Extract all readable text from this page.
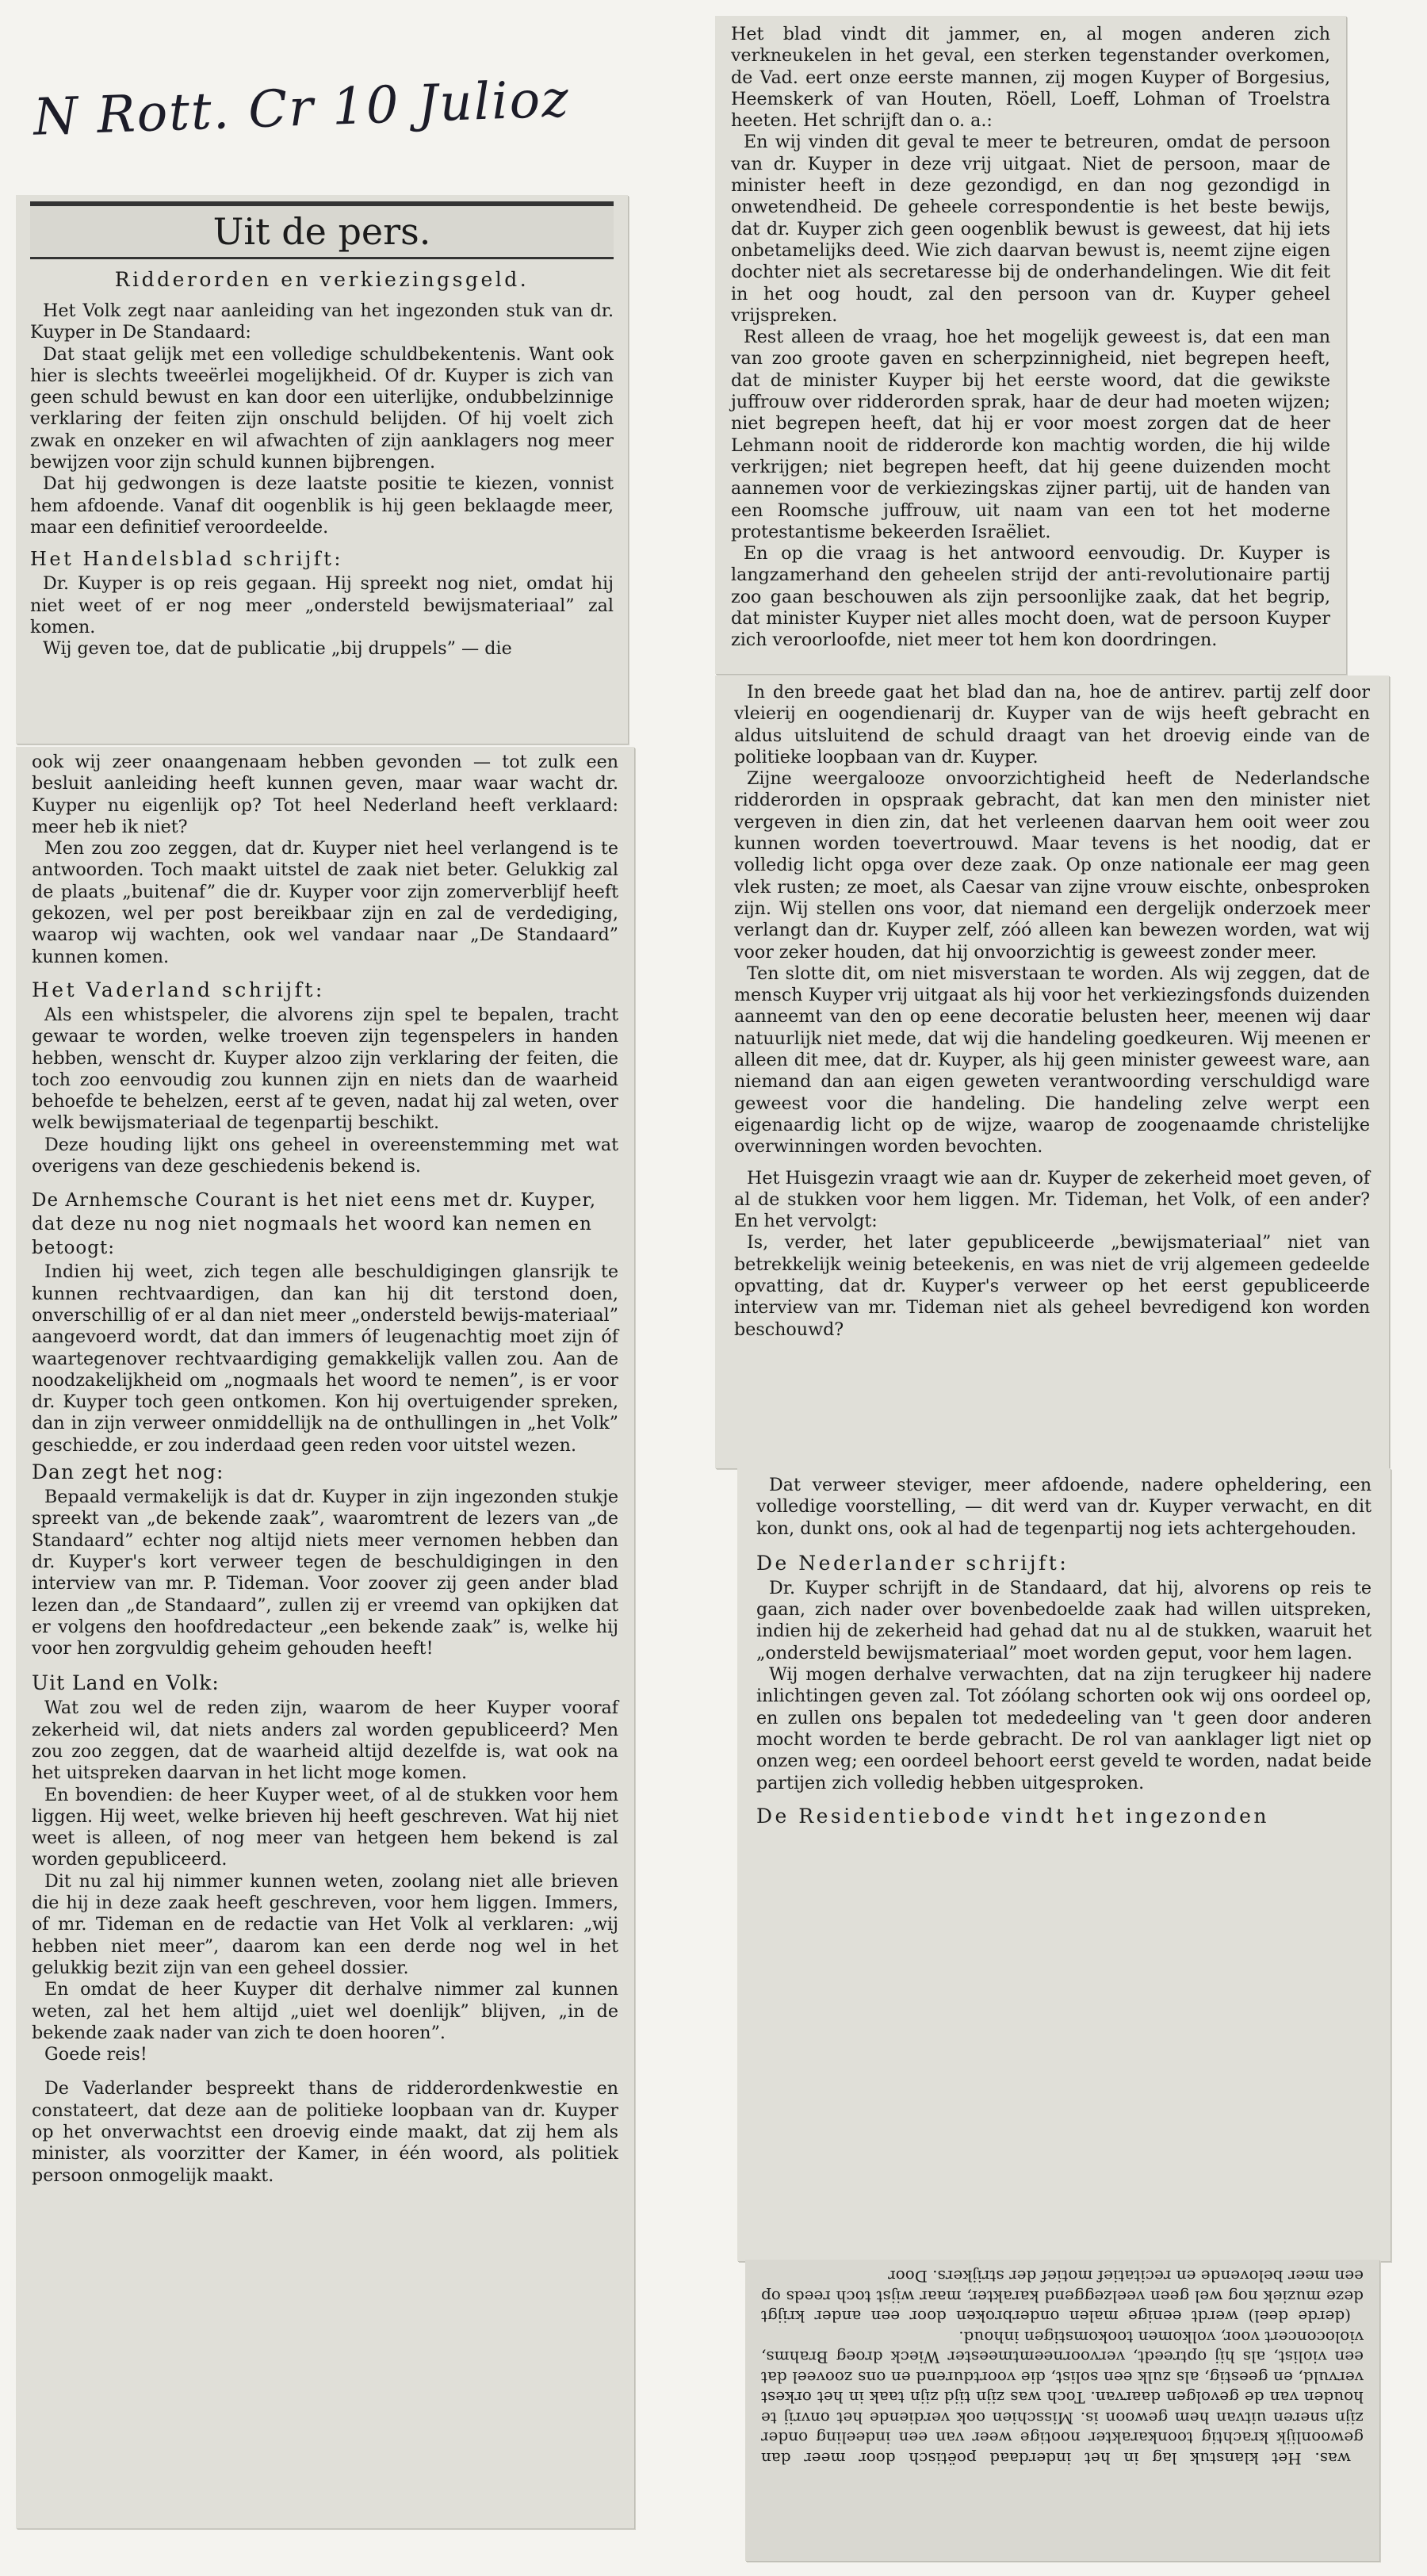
N Rott. Cr 10 Julioz
Uit de pers.
Ridderorden en verkiezingsgeld.

Het Volk zegt naar aanleiding van het ingezonden stuk van dr. Kuyper in De Standaard:

Dat staat gelijk met een volledige schuldbekentenis. Want ook hier is slechts tweeërlei mogelijkheid. Of dr. Kuyper is zich van geen schuld bewust en kan door een uiterlijke, ondubbelzinnige verklaring der feiten zijn onschuld belijden. Of hij voelt zich zwak en onzeker en wil afwachten of zijn aanklagers nog meer bewijzen voor zijn schuld kunnen bijbrengen.

Dat hij gedwongen is deze laatste positie te kiezen, vonnist hem afdoende. Vanaf dit oogenblik is hij geen beklaagde meer, maar een definitief veroordeelde.

Het Handelsblad schrijft:

Dr. Kuyper is op reis gegaan. Hij spreekt nog niet, omdat hij niet weet of er nog meer „ondersteld bewijsmateriaal” zal komen.

Wij geven toe, dat de publicatie „bij druppels” — die

ook wij zeer onaangenaam hebben gevonden — tot zulk een besluit aanleiding heeft kunnen geven, maar waar wacht dr. Kuyper nu eigenlijk op? Tot heel Nederland heeft verklaard: meer heb ik niet?

Men zou zoo zeggen, dat dr. Kuyper niet heel verlangend is te antwoorden. Toch maakt uitstel de zaak niet beter. Gelukkig zal de plaats „buitenaf” die dr. Kuyper voor zijn zomerverblijf heeft gekozen, wel per post bereikbaar zijn en zal de verdediging, waarop wij wachten, ook wel vandaar naar „De Standaard” kunnen komen.

Het Vaderland schrijft:

Als een whistspeler, die alvorens zijn spel te bepalen, tracht gewaar te worden, welke troeven zijn tegenspelers in handen hebben, wenscht dr. Kuyper alzoo zijn verklaring der feiten, die toch zoo eenvoudig zou kunnen zijn en niets dan de waarheid behoefde te behelzen, eerst af te geven, nadat hij zal weten, over welk bewijsmateriaal de tegenpartij beschikt.

Deze houding lijkt ons geheel in overeenstemming met wat overigens van deze geschiedenis bekend is.

De Arnhemsche Courant is het niet eens met dr. Kuyper, dat deze nu nog niet nogmaals het woord kan nemen en betoogt:

Indien hij weet, zich tegen alle beschuldigingen glansrijk te kunnen rechtvaardigen, dan kan hij dit terstond doen, onverschillig of er al dan niet meer „ondersteld bewijs-materiaal” aangevoerd wordt, dat dan immers óf leugenachtig moet zijn óf waartegenover rechtvaardiging gemakkelijk vallen zou. Aan de noodzakelijkheid om „nogmaals het woord te nemen”, is er voor dr. Kuyper toch geen ontkomen. Kon hij overtuigender spreken, dan in zijn verweer onmiddellijk na de onthullingen in „het Volk” geschiedde, er zou inderdaad geen reden voor uitstel wezen.

Dan zegt het nog:

Bepaald vermakelijk is dat dr. Kuyper in zijn ingezonden stukje spreekt van „de bekende zaak”, waaromtrent de lezers van „de Standaard” echter nog altijd niets meer vernomen hebben dan dr. Kuyper's kort verweer tegen de beschuldigingen in den interview van mr. P. Tideman. Voor zoover zij geen ander blad lezen dan „de Standaard”, zullen zij er vreemd van opkijken dat er volgens den hoofdredacteur „een bekende zaak” is, welke hij voor hen zorgvuldig geheim gehouden heeft!

Uit Land en Volk:

Wat zou wel de reden zijn, waarom de heer Kuyper vooraf zekerheid wil, dat niets anders zal worden gepubliceerd? Men zou zoo zeggen, dat de waarheid altijd dezelfde is, wat ook na het uitspreken daarvan in het licht moge komen.

En bovendien: de heer Kuyper weet, of al de stukken voor hem liggen. Hij weet, welke brieven hij heeft geschreven. Wat hij niet weet is alleen, of nog meer van hetgeen hem bekend is zal worden gepubliceerd.

Dit nu zal hij nimmer kunnen weten, zoolang niet alle brieven die hij in deze zaak heeft geschreven, voor hem liggen. Immers, of mr. Tideman en de redactie van Het Volk al verklaren: „wij hebben niet meer”, daarom kan een derde nog wel in het gelukkig bezit zijn van een geheel dossier.

En omdat de heer Kuyper dit derhalve nimmer zal kunnen weten, zal het hem altijd „uiet wel doenlijk” blijven, „in de bekende zaak nader van zich te doen hooren”.

Goede reis!

De Vaderlander bespreekt thans de ridderordenkwestie en constateert, dat deze aan de politieke loopbaan van dr. Kuyper op het onverwachtst een droevig einde maakt, dat zij hem als minister, als voorzitter der Kamer, in één woord, als politiek persoon onmogelijk maakt.

Het blad vindt dit jammer, en, al mogen anderen zich verkneukelen in het geval, een sterken tegenstander overkomen, de Vad. eert onze eerste mannen, zij mogen Kuyper of Borgesius, Heemskerk of van Houten, Röell, Loeff, Lohman of Troelstra heeten. Het schrijft dan o. a.:

En wij vinden dit geval te meer te betreuren, omdat de persoon van dr. Kuyper in deze vrij uitgaat. Niet de persoon, maar de minister heeft in deze gezondigd, en dan nog gezondigd in onwetendheid. De geheele correspondentie is het beste bewijs, dat dr. Kuyper zich geen oogenblik bewust is geweest, dat hij iets onbetamelijks deed. Wie zich daarvan bewust is, neemt zijne eigen dochter niet als secretaresse bij de onderhandelingen. Wie dit feit in het oog houdt, zal den persoon van dr. Kuyper geheel vrijspreken.

Rest alleen de vraag, hoe het mogelijk geweest is, dat een man van zoo groote gaven en scherpzinnigheid, niet begrepen heeft, dat de minister Kuyper bij het eerste woord, dat die gewikste juffrouw over ridderorden sprak, haar de deur had moeten wijzen; niet begrepen heeft, dat hij er voor moest zorgen dat de heer Lehmann nooit de ridderorde kon machtig worden, die hij wilde verkrijgen; niet begrepen heeft, dat hij geene duizenden mocht aannemen voor de verkiezingskas zijner partij, uit de handen van een Roomsche juffrouw, uit naam van een tot het moderne protestantisme bekeerden Israëliet.

En op die vraag is het antwoord eenvoudig. Dr. Kuyper is langzamerhand den geheelen strijd der anti-revolutionaire partij zoo gaan beschouwen als zijn persoonlijke zaak, dat het begrip, dat minister Kuyper niet alles mocht doen, wat de persoon Kuyper zich veroorloofde, niet meer tot hem kon doordringen.

In den breede gaat het blad dan na, hoe de antirev. partij zelf door vleierij en oogendienarij dr. Kuyper van de wijs heeft gebracht en aldus uitsluitend de schuld draagt van het droevig einde van de politieke loopbaan van dr. Kuyper.

Zijne weergalooze onvoorzichtigheid heeft de Nederlandsche ridderorden in opspraak gebracht, dat kan men den minister niet vergeven in dien zin, dat het verleenen daarvan hem ooit weer zou kunnen worden toevertrouwd. Maar tevens is het noodig, dat er volledig licht opga over deze zaak. Op onze nationale eer mag geen vlek rusten; ze moet, als Caesar van zijne vrouw eischte, onbesproken zijn. Wij stellen ons voor, dat niemand een dergelijk onderzoek meer verlangt dan dr. Kuyper zelf, zóó alleen kan bewezen worden, wat wij voor zeker houden, dat hij onvoorzichtig is geweest zonder meer.

Ten slotte dit, om niet misverstaan te worden. Als wij zeggen, dat de mensch Kuyper vrij uitgaat als hij voor het verkiezingsfonds duizenden aanneemt van den op eene decoratie belusten heer, meenen wij daar natuurlijk niet mede, dat wij die handeling goedkeuren. Wij meenen er alleen dit mee, dat dr. Kuyper, als hij geen minister geweest ware, aan niemand dan aan eigen geweten verantwoording verschuldigd ware geweest voor die handeling. Die handeling zelve werpt een eigenaardig licht op de wijze, waarop de zoogenaamde christelijke overwinningen worden bevochten.

Het Huisgezin vraagt wie aan dr. Kuyper de zekerheid moet geven, of al de stukken voor hem liggen. Mr. Tideman, het Volk, of een ander? En het vervolgt:

Is, verder, het later gepubliceerde „bewijsmateriaal” niet van betrekkelijk weinig beteekenis, en was niet de vrij algemeen gedeelde opvatting, dat dr. Kuyper's verweer op het eerst gepubliceerde interview van mr. Tideman niet als geheel bevredigend kon worden beschouwd?

Dat verweer steviger, meer afdoende, nadere opheldering, een volledige voorstelling, — dit werd van dr. Kuyper verwacht, en dit kon, dunkt ons, ook al had de tegenpartij nog iets achtergehouden.

De Nederlander schrijft:

Dr. Kuyper schrijft in de Standaard, dat hij, alvorens op reis te gaan, zich nader over bovenbedoelde zaak had willen uitspreken, indien hij de zekerheid had gehad dat nu al de stukken, waaruit het „ondersteld bewijsmateriaal” moet worden geput, voor hem lagen.

Wij mogen derhalve verwachten, dat na zijn terugkeer hij nadere inlichtingen geven zal. Tot zóólang schorten ook wij ons oordeel op, en zullen ons bepalen tot mededeeling van 't geen door anderen mocht worden te berde gebracht. De rol van aanklager ligt niet op onzen weg; een oordeel behoort eerst geveld te worden, nadat beide partijen zich volledig hebben uitgesproken.

De Residentiebode vindt het ingezonden

was. Het klanstuk lag in het inderdaad poëtisch door meer dan gewoonlijk krachtig toonkarakter nootige weer van een indeeling onder zijn sneren uitvan hem gewoon is. Misschien ook verdiende het onvrij te houden van de gevolgen daarvan. Toch was zijn tijd zijn taak in het orkest vervuld, en geestig, als zulk een solist, die voortdurend en ons zooveel dat een violist, als hij optreedt, vervoorneemtmeester Wieck droeg Brahms, violoconcert voor, volkomen tookomstigen inhoud.

(derde deel) werdt eenige malen onderbroken door een ander krijgt deze muziek nog wel geen veelzeggend karakter, maar wijst toch reeds op een meer belovende en recitatief motief der strijkers. Door
